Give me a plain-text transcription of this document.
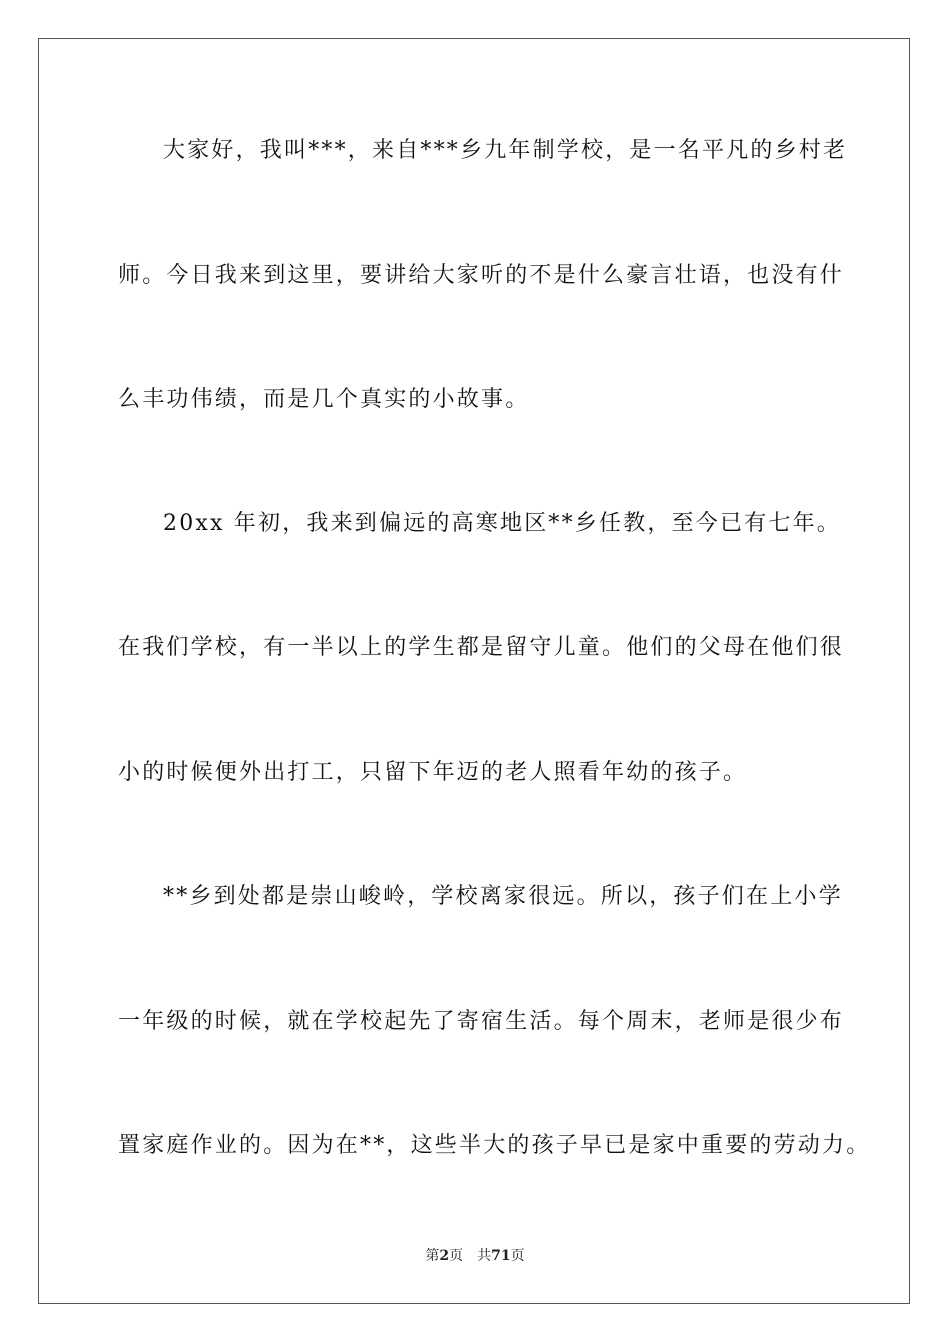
大家好，我叫***，来自***乡九年制学校，是一名平凡的乡村老
师。今日我来到这里，要讲给大家听的不是什么豪言壮语，也没有什
么丰功伟绩，而是几个真实的小故事。
20xx 年初，我来到偏远的高寒地区**乡任教，至今已有七年。
在我们学校，有一半以上的学生都是留守儿童。他们的父母在他们很
小的时候便外出打工，只留下年迈的老人照看年幼的孩子。
**乡到处都是崇山峻岭，学校离家很远。所以，孩子们在上小学
一年级的时候，就在学校起先了寄宿生活。每个周末，老师是很少布
置家庭作业的。因为在**，这些半大的孩子早已是家中重要的劳动力。
第2页 共71页
